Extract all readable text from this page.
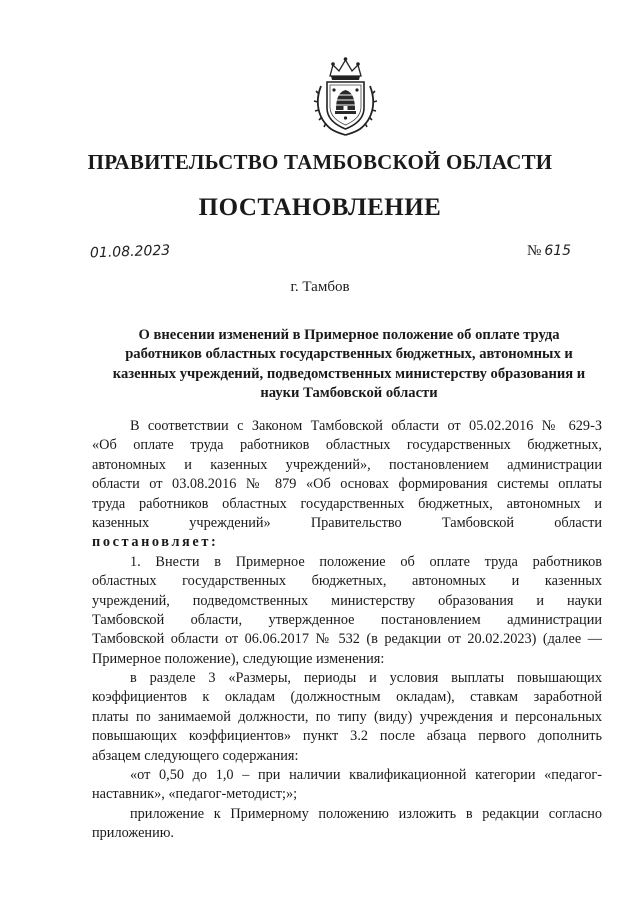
ПРАВИТЕЛЬСТВО ТАМБОВСКОЙ ОБЛАСТИ
ПОСТАНОВЛЕНИЕ
01.08.2023	№ 615
г. Тамбов
О внесении изменений в Примерное положение об оплате труда
работников областных государственных бюджетных, автономных и
казенных учреждений, подведомственных министерству образования и
науки Тамбовской области
В соответствии с Законом Тамбовской области от 05.02.2016 № 629-З
«Об оплате труда работников областных государственных бюджетных,
автономных и казенных учреждений», постановлением администрации
области от 03.08.2016 № 879 «Об основах формирования системы оплаты
труда работников областных государственных бюджетных, автономных и
казенных учреждений» Правительство Тамбовской области
постановляет:
1. Внести в Примерное положение об оплате труда работников
областных государственных бюджетных, автономных и казенных
учреждений, подведомственных министерству образования и науки
Тамбовской области, утвержденное постановлением администрации
Тамбовской области от 06.06.2017 № 532 (в редакции от 20.02.2023) (далее —
Примерное положение), следующие изменения:
в разделе 3 «Размеры, периоды и условия выплаты повышающих
коэффициентов к окладам (должностным окладам), ставкам заработной
платы по занимаемой должности, по типу (виду) учреждения и персональных
повышающих коэффициентов» пункт 3.2 после абзаца первого дополнить
абзацем следующего содержания:
«от 0,50 до 1,0 – при наличии квалификационной категории «педагог-
наставник», «педагог-методист;»;
приложение к Примерному положению изложить в редакции согласно
приложению.
